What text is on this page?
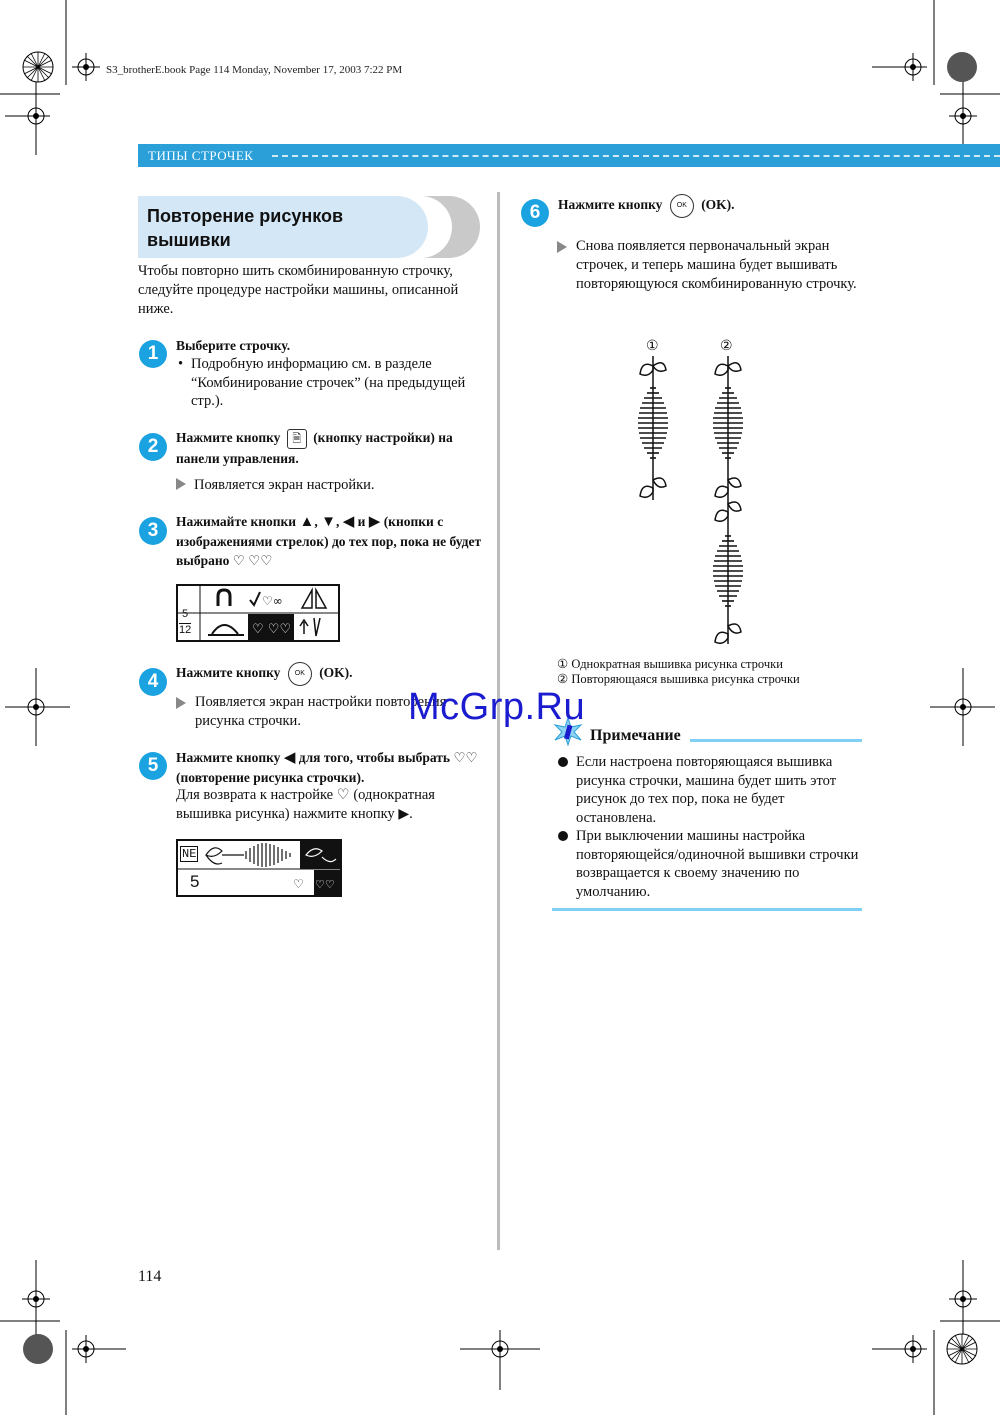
S3_brotherE.book Page 114 Monday, November 17, 2003 7:22 PM
ТИПЫ СТРОЧЕК
Повторение рисунков вышивки
Чтобы повторно шить скомбинированную строчку, следуйте процедуре настройки машины, описанной ниже.
1	Выберите строчку.
• Подробную информацию см. в разделе “Комбинирование строчек” (на предыдущей стр.).
2	Нажмите кнопку 🗎 (кнопку настройки) на панели управления.
Появляется экран настройки.
3	Нажимайте кнопки ▲, ▼, ◀ и ▶ (кнопки с изображениями стрелок) до тех пор, пока не будет выбрано ♡ ♡♡
♡∞
♡ ♡♡
5
12
4	Нажмите кнопку OK (OK).
Появляется экран настройки повторения рисунка строчки.
5	Нажмите кнопку ◀ для того, чтобы выбрать ♡♡ (повторение рисунка строчки).
Для возврата к настройке ♡ (однократная вышивка рисунка) нажмите кнопку ▶.
♡ ♡♡
NE
5
6	Нажмите кнопку OK (OK).
Снова появляется первоначальный экран строчек, и теперь машина будет вышивать повторяющуюся скомбинированную строчку.
①	②
① Однократная вышивка рисунка строчки
② Повторяющаяся вышивка рисунка строчки
Примечание
Если настроена повторяющаяся вышивка рисунка строчки, машина будет шить этот рисунок до тех пор, пока не будет остановлена.
При выключении машины настройка повторяющейся/одиночной вышивки строчки возвращается к своему значению по умолчанию.
McGrp.Ru
114
